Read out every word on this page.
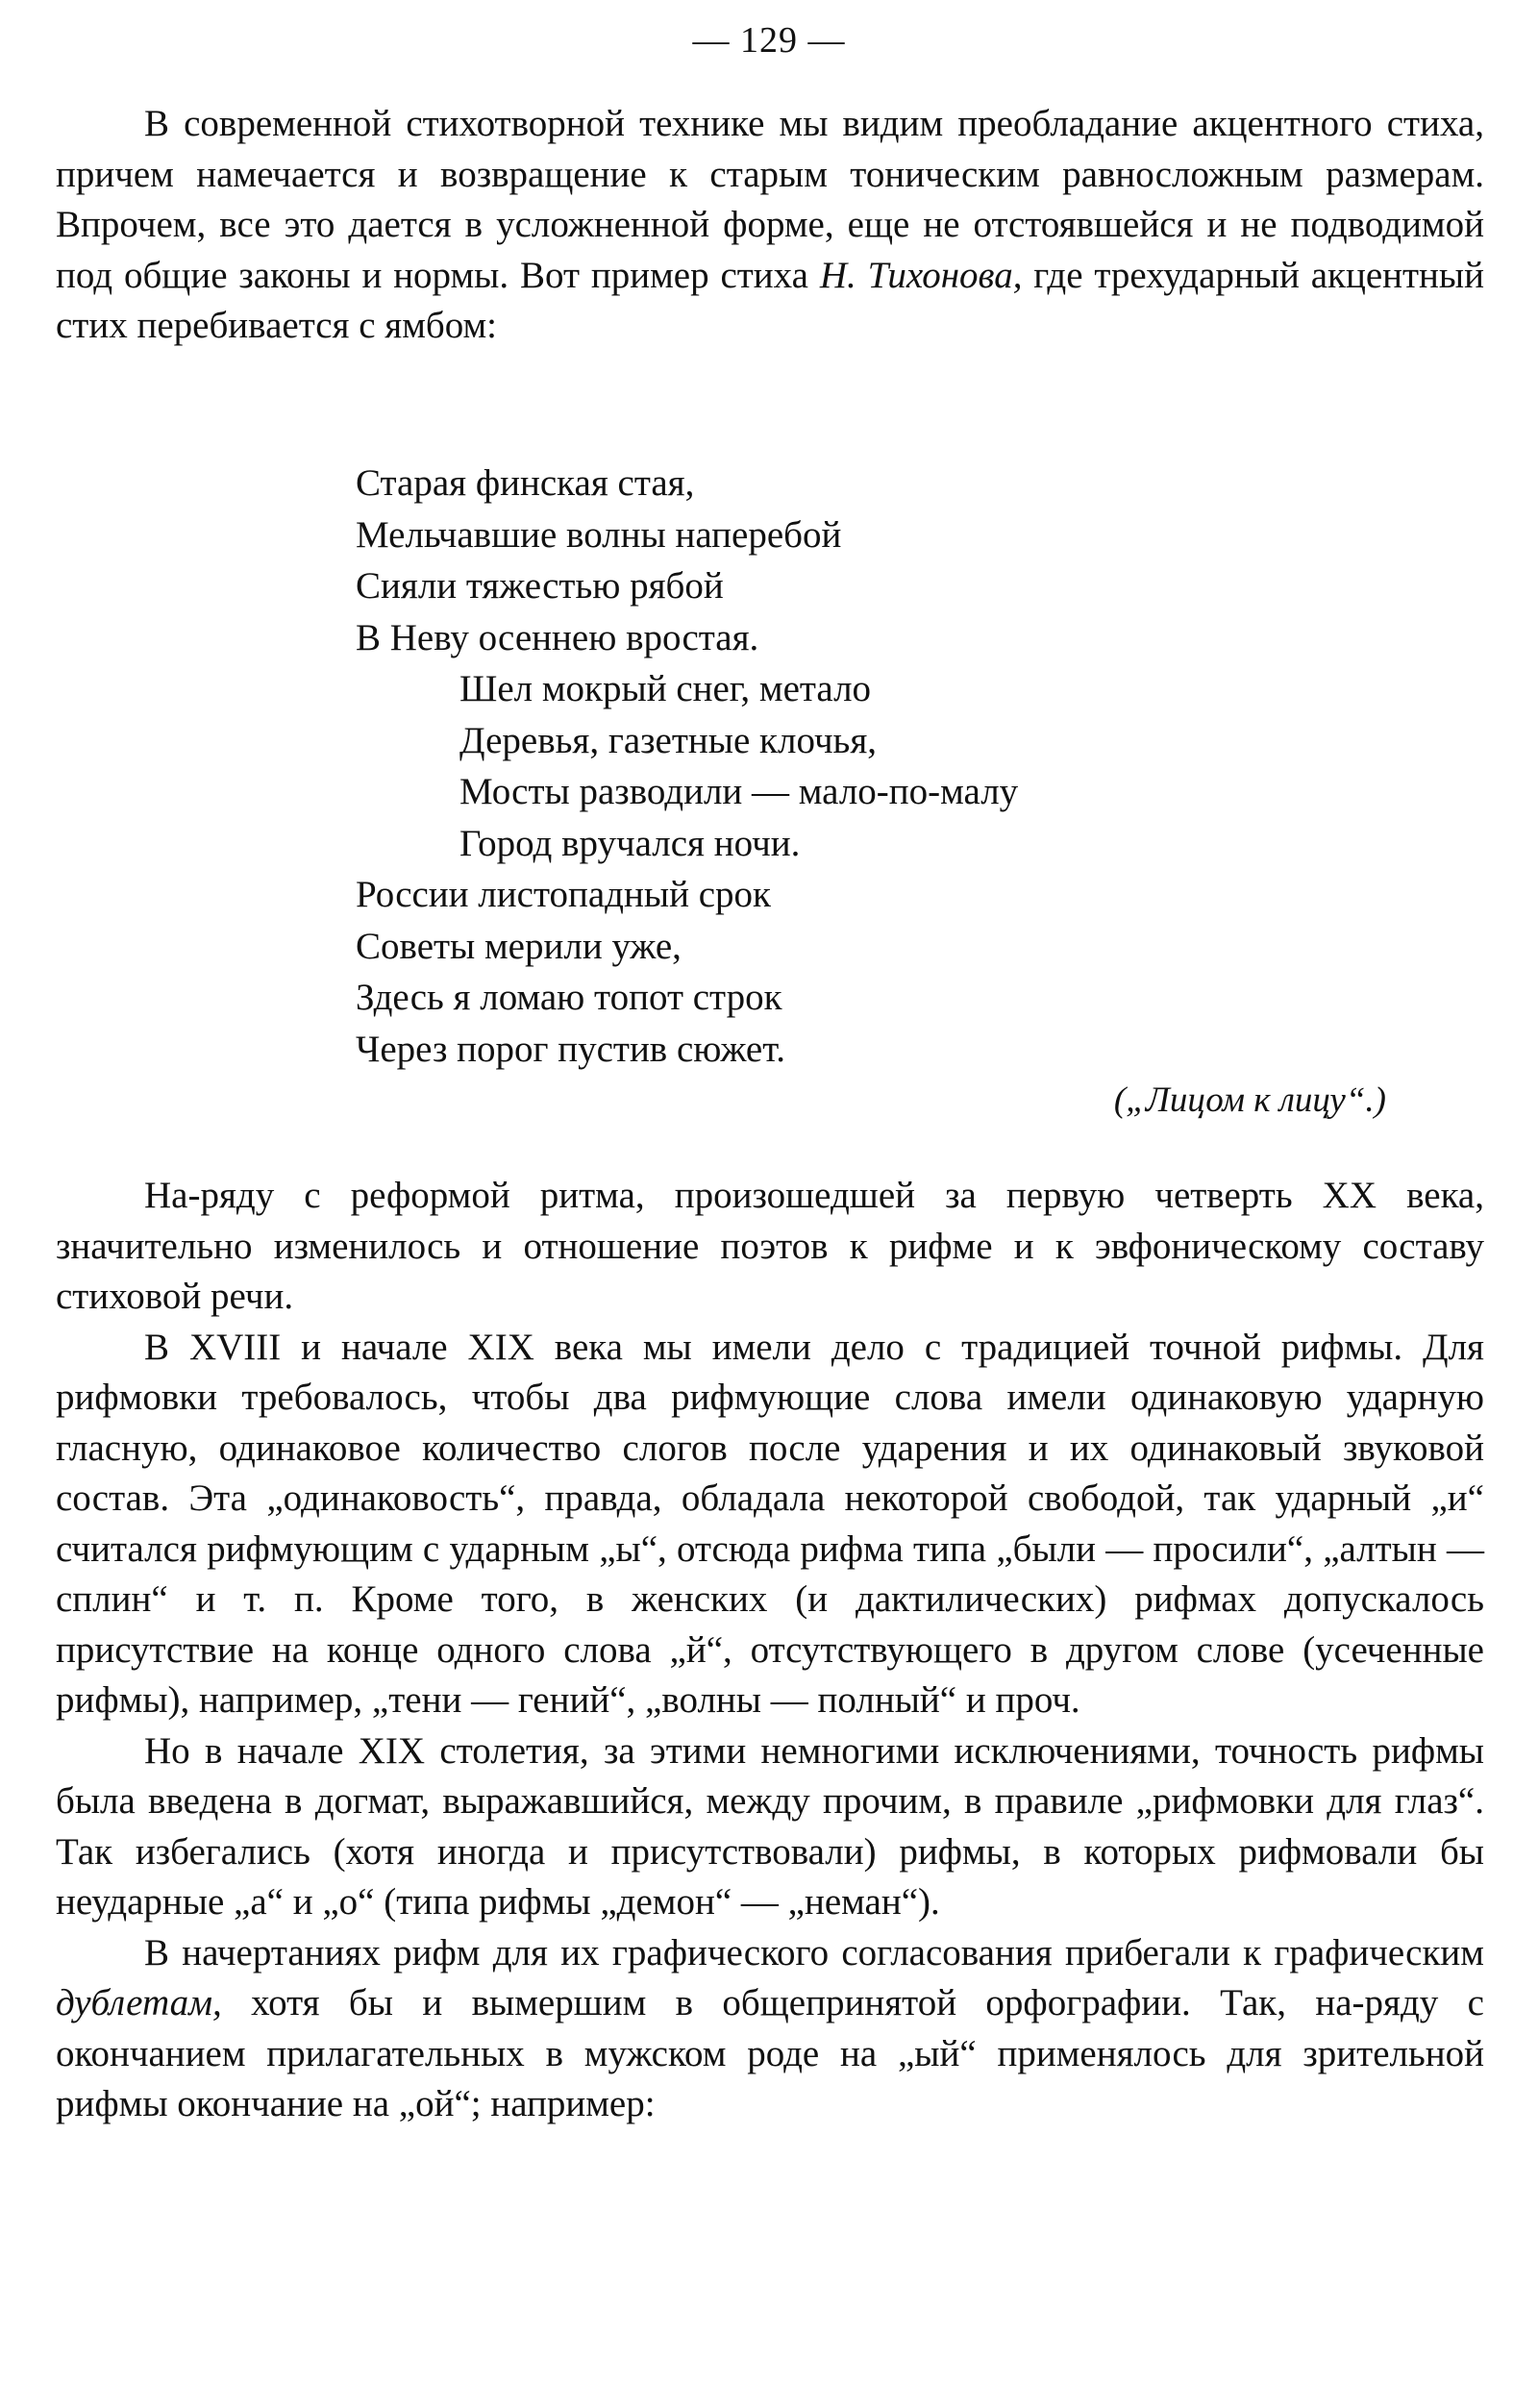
— 129 —

В современной стихотворной технике мы видим преобладание акцентного стиха, причем намечается и возвращение к старым тоническим равносложным размерам. Впрочем, все это дается в усложненной форме, еще не отстоявшейся и не подводимой под общие законы и нормы. Вот пример стиха Н. Тихонова, где трехударный акцентный стих перебивается с ямбом:

Старая финская стая,
Мельчавшие волны наперебой
Сияли тяжестью рябой
В Неву осеннею вростая.
Шел мокрый снег, метало
Деревья, газетные клочья,
Мосты разводили — мало-по-малу
Город вручался ночи.
России листопадный срок
Советы мерили уже,
Здесь я ломаю топот строк
Через порог пустив сюжет.
(„Лицом к лицу“.)

На-ряду с реформой ритма, произошедшей за первую четверть XX века, значительно изменилось и отношение поэтов к рифме и к эвфоническому составу стиховой речи.

В XVIII и начале XIX века мы имели дело с традицией точной рифмы. Для рифмовки требовалось, чтобы два рифмующие слова имели одинаковую ударную гласную, одинаковое количество слогов после ударения и их одинаковый звуковой состав. Эта „одинаковость“, правда, обладала некоторой свободой, так ударный „и“ считался рифмующим с ударным „ы“, отсюда рифма типа „были — просили“, „алтын — сплин“ и т. п. Кроме того, в женских (и дактилических) рифмах допускалось присутствие на конце одного слова „й“, отсутствующего в другом слове (усеченные рифмы), например, „тени — гений“, „волны — полный“ и проч.

Но в начале XIX столетия, за этими немногими исключениями, точность рифмы была введена в догмат, выражавшийся, между прочим, в правиле „рифмовки для глаз“. Так избегались (хотя иногда и присутствовали) рифмы, в которых рифмовали бы неударные „а“ и „о“ (типа рифмы „демон“ — „неман“).

В начертаниях рифм для их графического согласования прибегали к графическим дублетам, хотя бы и вымершим в общепринятой орфографии. Так, на-ряду с окончанием прилагательных в мужском роде на „ый“ применялось для зрительной рифмы окончание на „ой“; например:
